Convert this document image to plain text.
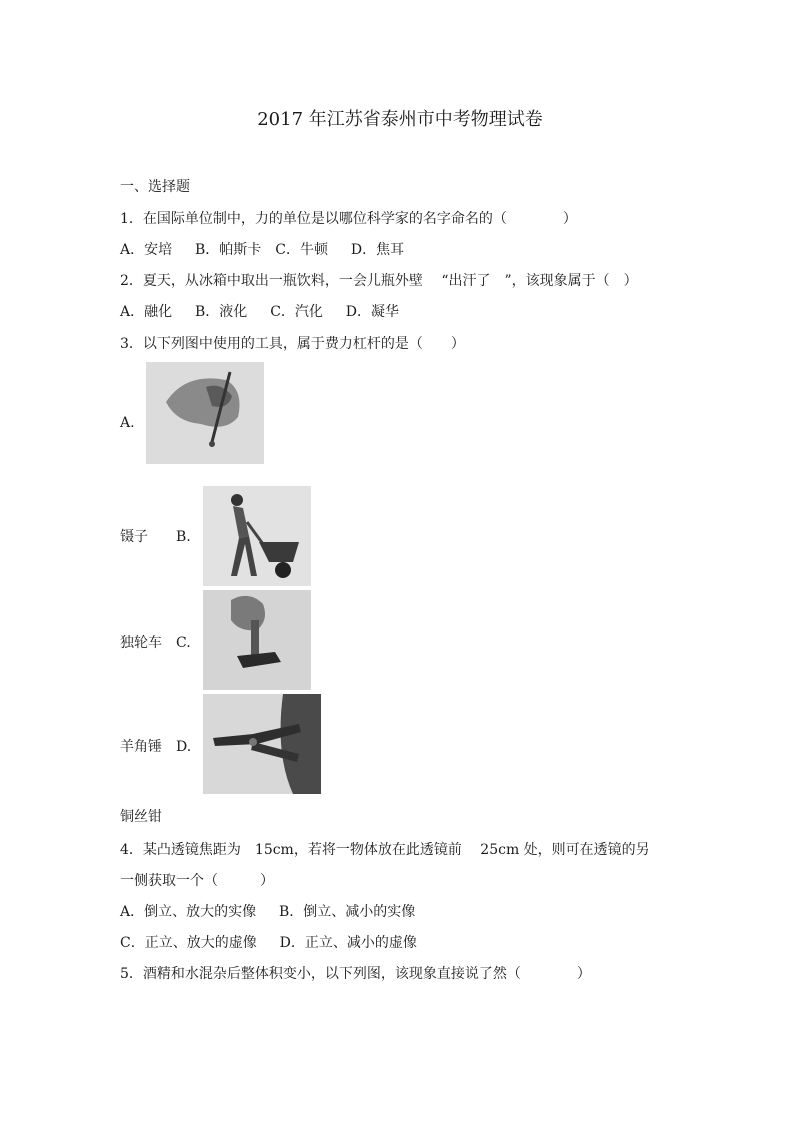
2017 年江苏省泰州市中考物理试卷
一、选择题
1．在国际单位制中，力的单位是以哪位科学家的名字命名的（　　　　）
A．安培　  B．帕斯卡　C．牛顿　  D．焦耳
2．夏天，从冰箱中取出一瓶饮料，一会儿瓶外壁　 “出汗了　”，该现象属于（　）
A．融化　  B．液化　  C．汽化　  D．凝华
3．以下列图中使用的工具，属于费力杠杆的是（　　）
A.
镊子 B.
独轮车 C.
羊角锤 D.
铜丝钳
4．某凸透镜焦距为　15cm，若将一物体放在此透镜前　 25cm 处，则可在透镜的另
一侧获取一个（　　　）
A．倒立、放大的实像　  B．倒立、减小的实像
C．正立、放大的虚像　  D．正立、减小的虚像
5．酒精和水混杂后整体积变小，以下列图，该现象直接说了然（　　　　）
